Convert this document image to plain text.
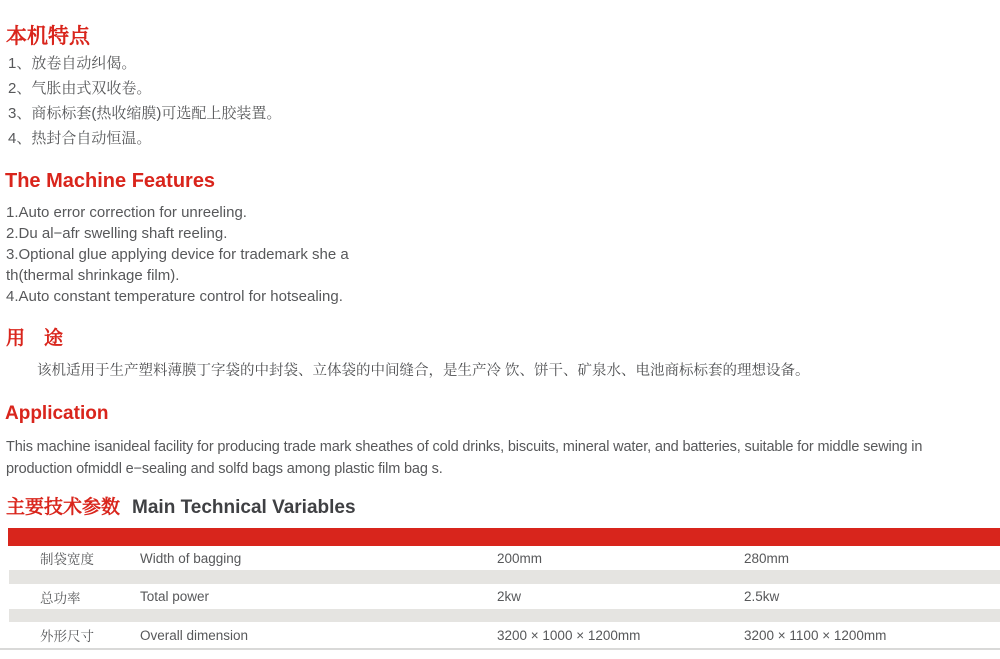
本机特点
1、放卷自动纠偈。
2、气胀由式双收卷。
3、商标标套(热收缩膜)可选配上胶装置。
4、热封合自动恒温。
The Machine Features
1.Auto error correction for unreeling.
2.Du al−afr swelling shaft reeling.
3.Optional glue applying device for trademark she a
th(thermal shrinkage film).
4.Auto constant temperature control for hotsealing.
用　途
该机适用于生产塑料薄膜丁字袋的中封袋、立体袋的中间缝合，是生产冷 饮、饼干、矿泉水、电池商标标套的理想设备。
Application
This machine isanideal facility for producing trade mark sheathes of cold drinks, biscuits, mineral water, and batteries, suitable for middle sewing in
production ofmiddl e−sealing and solfd bags among plastic film bag s.
主要技术参数 Main Technical Variables
制袋宽度	Width of bagging	200mm	280mm
总功率	Total power	2kw	2.5kw
外形尺寸	Overall dimension	3200 × 1000 × 1200mm	3200 × 1100 × 1200mm
